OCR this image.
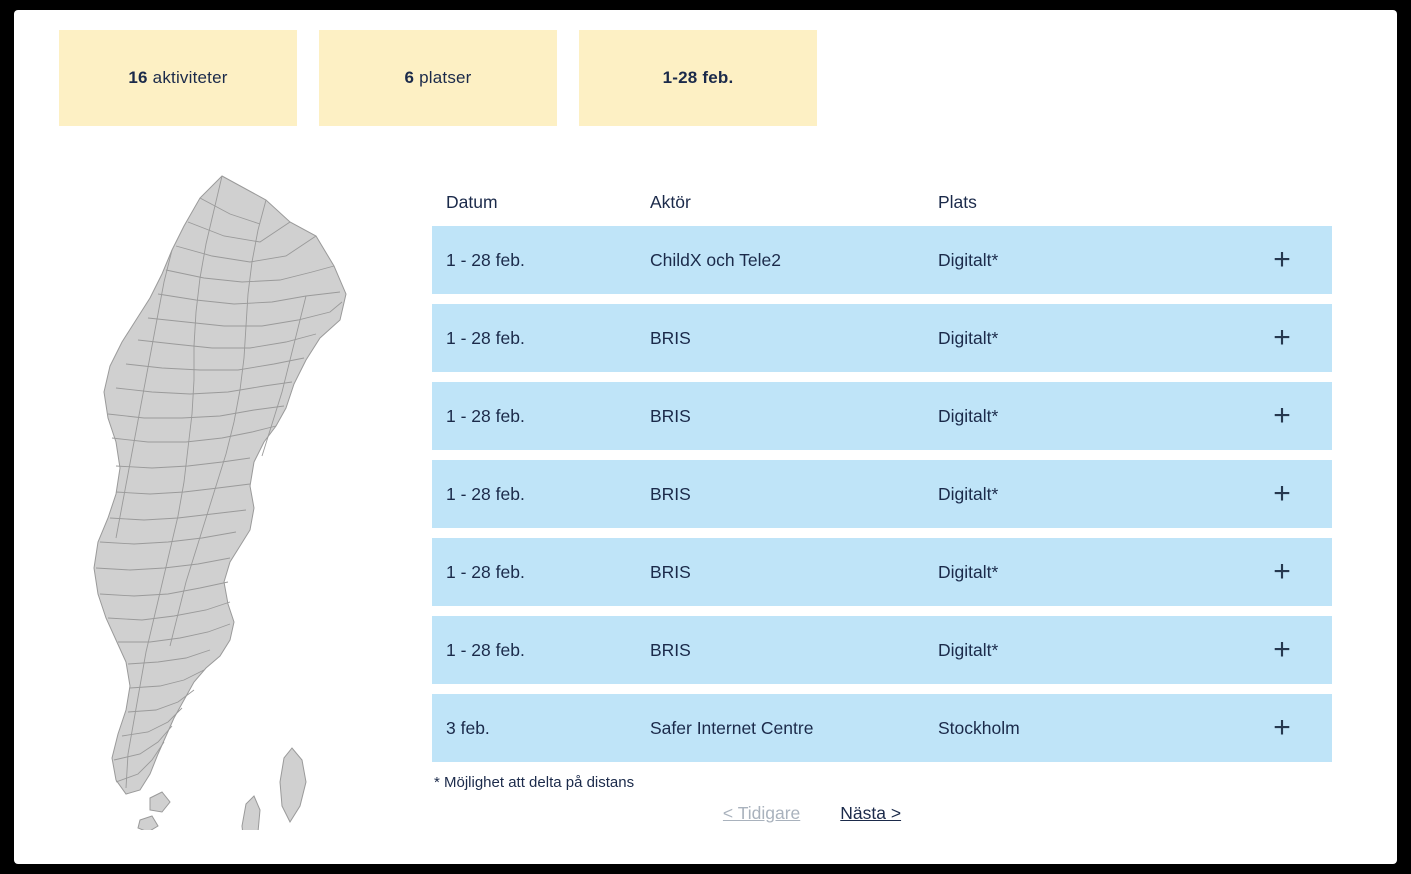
16 aktiviteter	6 platser	1-28 feb.
Datum	Aktör	Plats
1 - 28 feb.	ChildX och Tele2	Digitalt*	+
1 - 28 feb.	BRIS	Digitalt*	+
1 - 28 feb.	BRIS	Digitalt*	+
1 - 28 feb.	BRIS	Digitalt*	+
1 - 28 feb.	BRIS	Digitalt*	+
1 - 28 feb.	BRIS	Digitalt*	+
3 feb.	Safer Internet Centre	Stockholm	+
* Möjlighet att delta på distans
< Tidigare Nästa >
